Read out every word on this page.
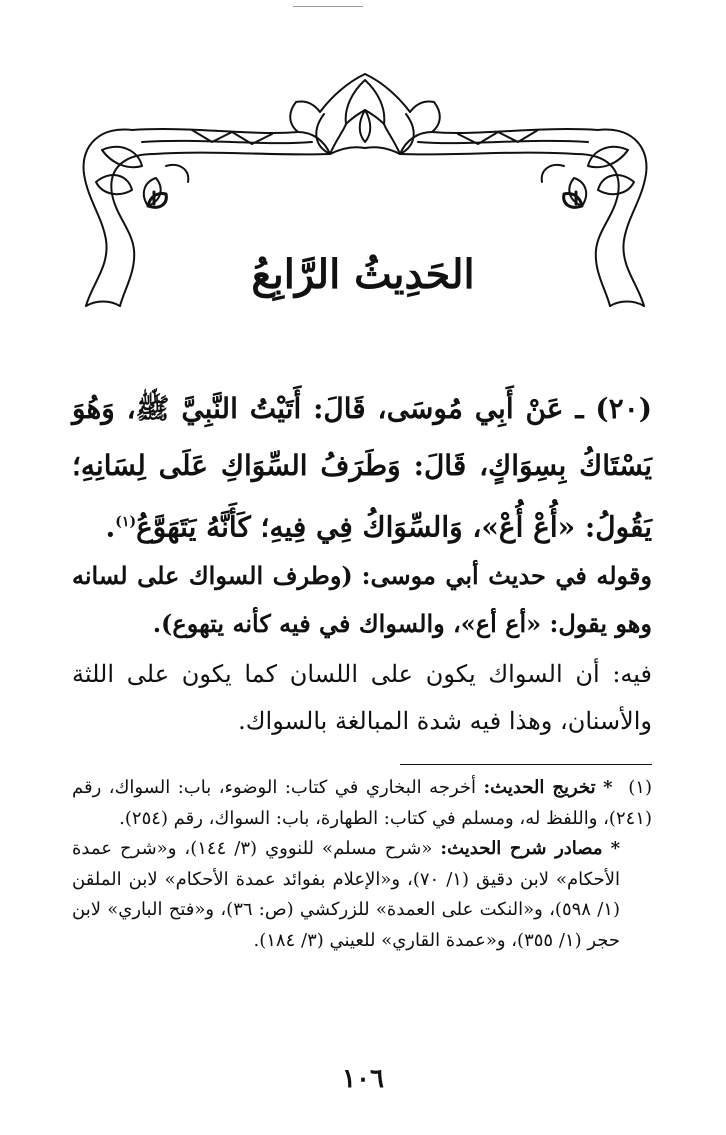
الحَدِيثُ الرَّابِعُ

(٢٠) ـ عَنْ أَبِي مُوسَى، قَالَ: أَتَيْتُ النَّبِيَّ ﷺ، وَهُوَ يَسْتَاكُ بِسِوَاكٍ، قَالَ: وَطَرَفُ السِّوَاكِ عَلَى لِسَانِهِ؛ يَقُولُ: «أُعْ أُعْ»، وَالسِّوَاكُ فِي فِيهِ؛ كَأَنَّهُ يَتَهَوَّعُ$^{(١)}$.

وقوله في حديث أبي موسى: (وطرف السواك على لسانه وهو يقول: «أع أع»، والسواك في فيه كأنه يتهوع).

فيه: أن السواك يكون على اللسان كما يكون على اللثة والأسنان، وهذا فيه شدة المبالغة بالسواك.

(١) * تخريج الحديث: أخرجه البخاري في كتاب: الوضوء، باب: السواك، رقم (٢٤١)، واللفظ له، ومسلم في كتاب: الطهارة، باب: السواك، رقم (٢٥٤).

* مصادر شرح الحديث: «شرح مسلم» للنووي (٣/ ١٤٤)، و«شرح عمدة الأحكام» لابن دقيق (١/ ٧٠)، و«الإعلام بفوائد عمدة الأحكام» لابن الملقن (١/ ٥٩٨)، و«النكت على العمدة» للزركشي (ص: ٣٦)، و«فتح الباري» لابن حجر (١/ ٣٥٥)، و«عمدة القاري» للعيني (٣/ ١٨٤).

١٠٦
